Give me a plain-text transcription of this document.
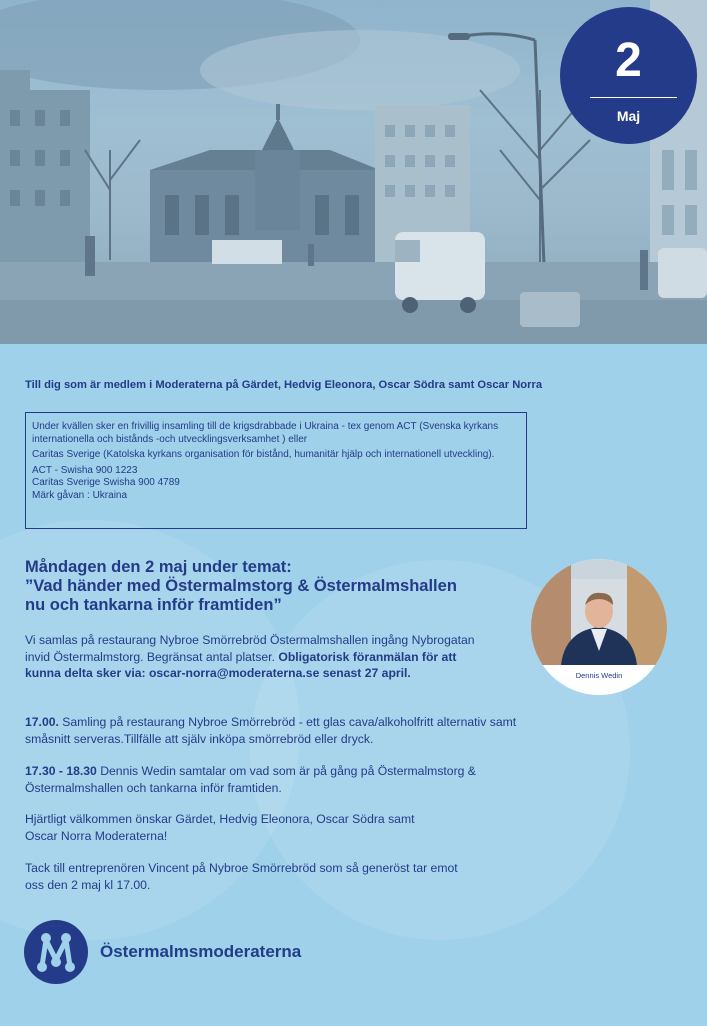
2
Maj
Till dig som är medlem i Moderaterna på Gärdet, Hedvig Eleonora, Oscar Södra samt Oscar Norra

Under kvällen sker en frivillig insamling till de krigsdrabbade i Ukraina - tex genom ACT (Svenska kyrkans internationella och bistånds -och utvecklingsverksamhet ) eller

Caritas Sverige (Katolska kyrkans organisation för bistånd, humanitär hjälp och internationell utveckling).

ACT - Swisha 900 1223
Caritas Sverige Swisha 900 4789
Märk gåvan : Ukraina
Måndagen den 2 maj under temat:
”Vad händer med Östermalmstorg & Östermalmshallen
nu och tankarna inför framtiden”
Dennis Wedin

Vi samlas på restaurang Nybroe Smörrebröd Östermalmshallen ingång Nybrogatan invid Östermalmstorg. Begränsat antal platser. Obligatorisk föranmälan för att kunna delta sker via: oscar-norra@moderaterna.se senast 27 april.

17.00. Samling på restaurang Nybroe Smörrebröd - ett glas cava/alkoholfritt alternativ samt småsnitt serveras.Tillfälle att själv inköpa smörrebröd eller dryck.

17.30 - 18.30 Dennis Wedin samtalar om vad som är på gång på Östermalmstorg & Östermalmshallen och tankarna inför framtiden.

Hjärtligt välkommen önskar Gärdet, Hedvig Eleonora, Oscar Södra samt
Oscar Norra Moderaterna!
Tack till entreprenören Vincent på Nybroe Smörrebröd som så generöst tar emot
oss den 2 maj kl 17.00.
Östermalmsmoderaterna
